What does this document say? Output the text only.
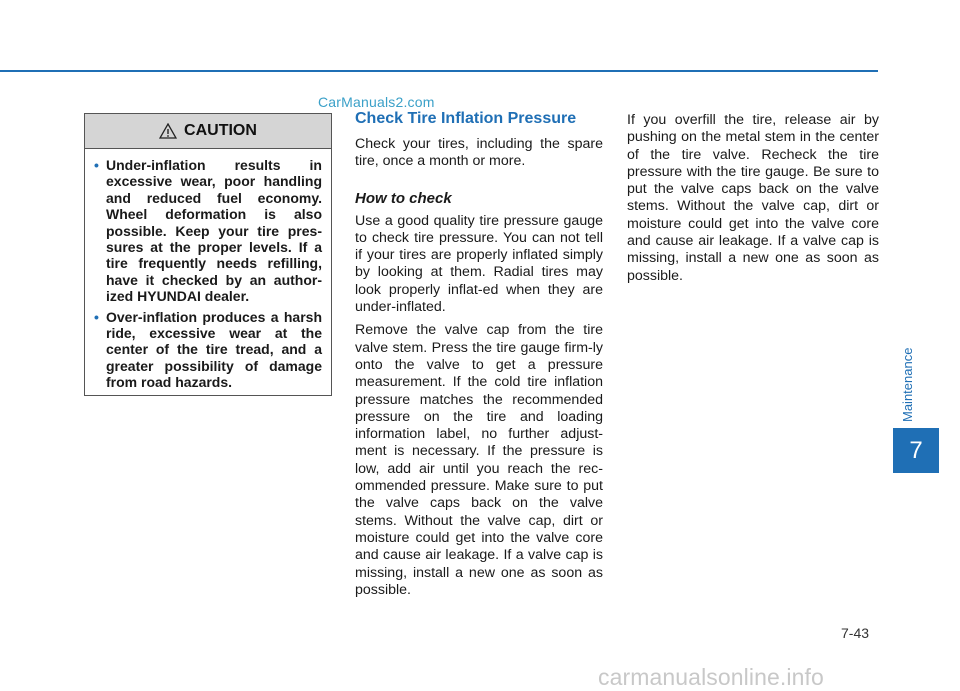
CarManuals2.com
CAUTION
• Under-inflation results in excessive wear, poor handling and reduced fuel economy. Wheel deformation is also possible. Keep your tire pres-sures at the proper levels. If a tire frequently needs refilling, have it checked by an author-ized HYUNDAI dealer.
• Over-inflation produces a harsh ride, excessive wear at the center of the tire tread, and a greater possibility of damage from road hazards.
Check Tire Inflation Pressure

Check your tires, including the spare tire, once a month or more.

How to check

Use a good quality tire pressure gauge to check tire pressure. You can not tell if your tires are properly inflated simply by looking at them. Radial tires may look properly inflat-ed when they are under-inflated.

Remove the valve cap from the tire valve stem. Press the tire gauge firm-ly onto the valve to get a pressure measurement. If the cold tire inflation pressure matches the recommended pressure on the tire and loading information label, no further adjust-ment is necessary. If the pressure is low, add air until you reach the rec-ommended pressure. Make sure to put the valve caps back on the valve stems. Without the valve cap, dirt or moisture could get into the valve core and cause air leakage. If a valve cap is missing, install a new one as soon as possible.

If you overfill the tire, release air by pushing on the metal stem in the center of the tire valve. Recheck the tire pressure with the tire gauge. Be sure to put the valve caps back on the valve stems. Without the valve cap, dirt or moisture could get into the valve core and cause air leakage. If a valve cap is missing, install a new one as soon as possible.

Maintenance
7
7-43
carmanualsonline.info
